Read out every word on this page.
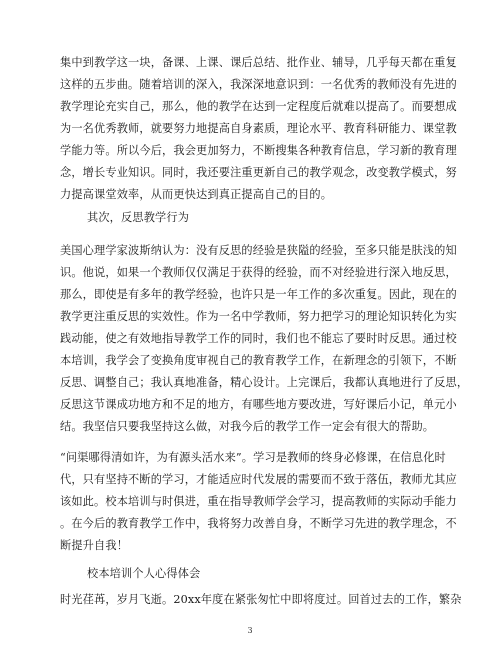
集中到教学这一块，备课、上课、课后总结、批作业、辅导，几乎每天都在重复
这样的五步曲。随着培训的深入，我深深地意识到：一名优秀的教师没有先进的
教学理论充实自己，那么，他的教学在达到一定程度后就难以提高了。而要想成
为一名优秀教师，就要努力地提高自身素质，理论水平、教育科研能力、课堂教
学能力等。所以今后，我会更加努力，不断搜集各种教育信息，学习新的教育理
念，增长专业知识。同时，我还要注重更新自己的教学观念，改变教学模式，努
力提高课堂效率，从而更快达到真正提高自己的目的。
其次，反思教学行为
美国心理学家波斯纳认为：没有反思的经验是狭隘的经验，至多只能是肤浅的知
识。他说，如果一个教师仅仅满足于获得的经验，而不对经验进行深入地反思，
那么，即使是有多年的教学经验，也许只是一年工作的多次重复。因此，现在的
教学更注重反思的实效性。作为一名中学教师，努力把学习的理论知识转化为实
践动能，使之有效地指导教学工作的同时，我们也不能忘了要时时反思。通过校
本培训，我学会了变换角度审视自己的教育教学工作，在新理念的引领下，不断
反思、调整自己；我认真地准备，精心设计。上完课后，我都认真地进行了反思，
反思这节课成功地方和不足的地方，有哪些地方要改进，写好课后小记，单元小
结。我坚信只要我坚持这么做，对我今后的教学工作一定会有很大的帮助。
“问渠哪得清如许，为有源头活水来”。学习是教师的终身必修课，在信息化时
代，只有坚持不断的学习，才能适应时代发展的需要而不致于落伍，教师尤其应
该如此。校本培训与时俱进，重在指导教师学会学习，提高教师的实际动手能力
。在今后的教育教学工作中，我将努力改善自身，不断学习先进的教学理念，不
断提升自我！
3
校本培训个人心得体会
时光荏苒，岁月飞逝。20xx年度在紧张匆忙中即将度过。回首过去的工作，繁杂
